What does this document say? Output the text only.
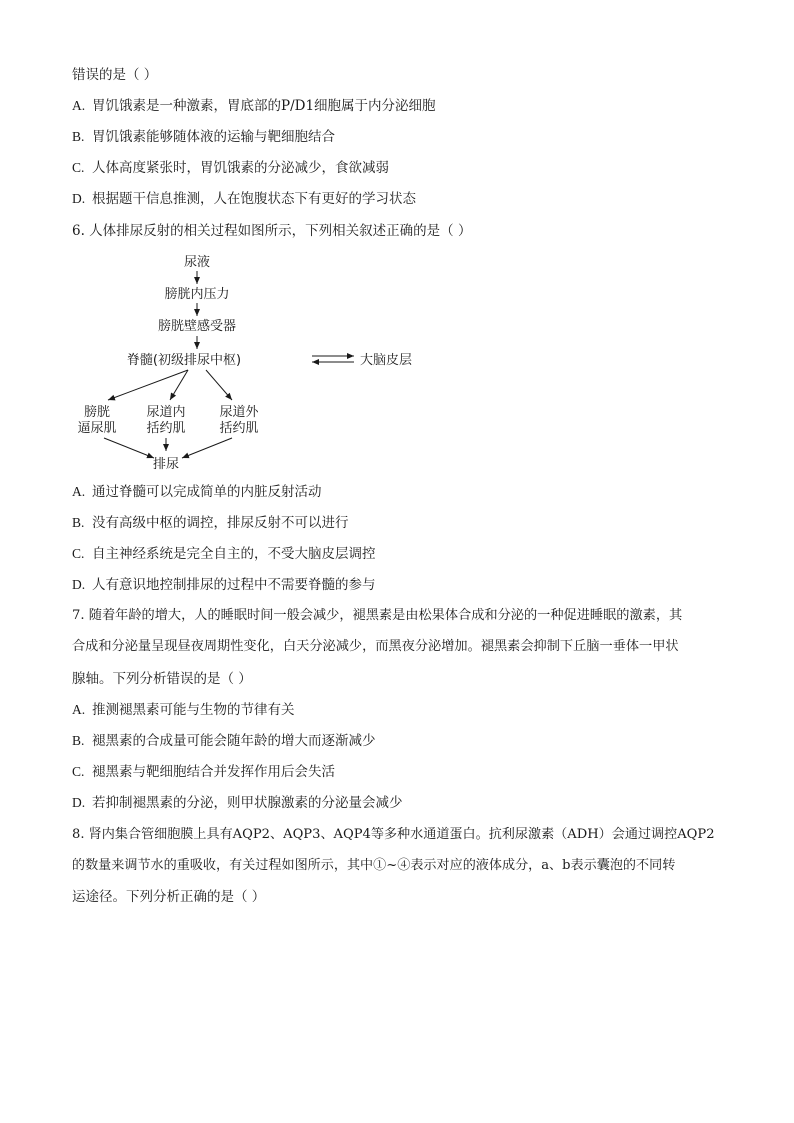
错误的是（ ）
A. 胃饥饿素是一种激素，胃底部的P/D1细胞属于内分泌细胞
B. 胃饥饿素能够随体液的运输与靶细胞结合
C. 人体高度紧张时，胃饥饿素的分泌减少，食欲减弱
D. 根据题干信息推测，人在饱腹状态下有更好的学习状态
6. 人体排尿反射的相关过程如图所示，下列相关叙述正确的是（ ）
尿液
膀胱内压力
膀胱壁感受器
脊髓(初级排尿中枢)	大脑皮层
膀胱
逼尿肌
尿道内
括约肌
尿道外
括约肌
排尿
A. 通过脊髓可以完成简单的内脏反射活动
B. 没有高级中枢的调控，排尿反射不可以进行
C. 自主神经系统是完全自主的，不受大脑皮层调控
D. 人有意识地控制排尿的过程中不需要脊髓的参与
7. 随着年龄的增大，人的睡眠时间一般会减少，褪黑素是由松果体合成和分泌的一种促进睡眠的激素，其
合成和分泌量呈现昼夜周期性变化，白天分泌减少，而黑夜分泌增加。褪黑素会抑制下丘脑一垂体一甲状
腺轴。下列分析错误的是（ ）
A. 推测褪黑素可能与生物的节律有关
B. 褪黑素的合成量可能会随年龄的增大而逐渐减少
C. 褪黑素与靶细胞结合并发挥作用后会失活
D. 若抑制褪黑素的分泌，则甲状腺激素的分泌量会减少
8. 肾内集合管细胞膜上具有AQP2、AQP3、AQP4等多种水通道蛋白。抗利尿激素（ADH）会通过调控AQP2
的数量来调节水的重吸收，有关过程如图所示，其中①~④表示对应的液体成分，a、b表示囊泡的不同转
运途径。下列分析正确的是（ ）
